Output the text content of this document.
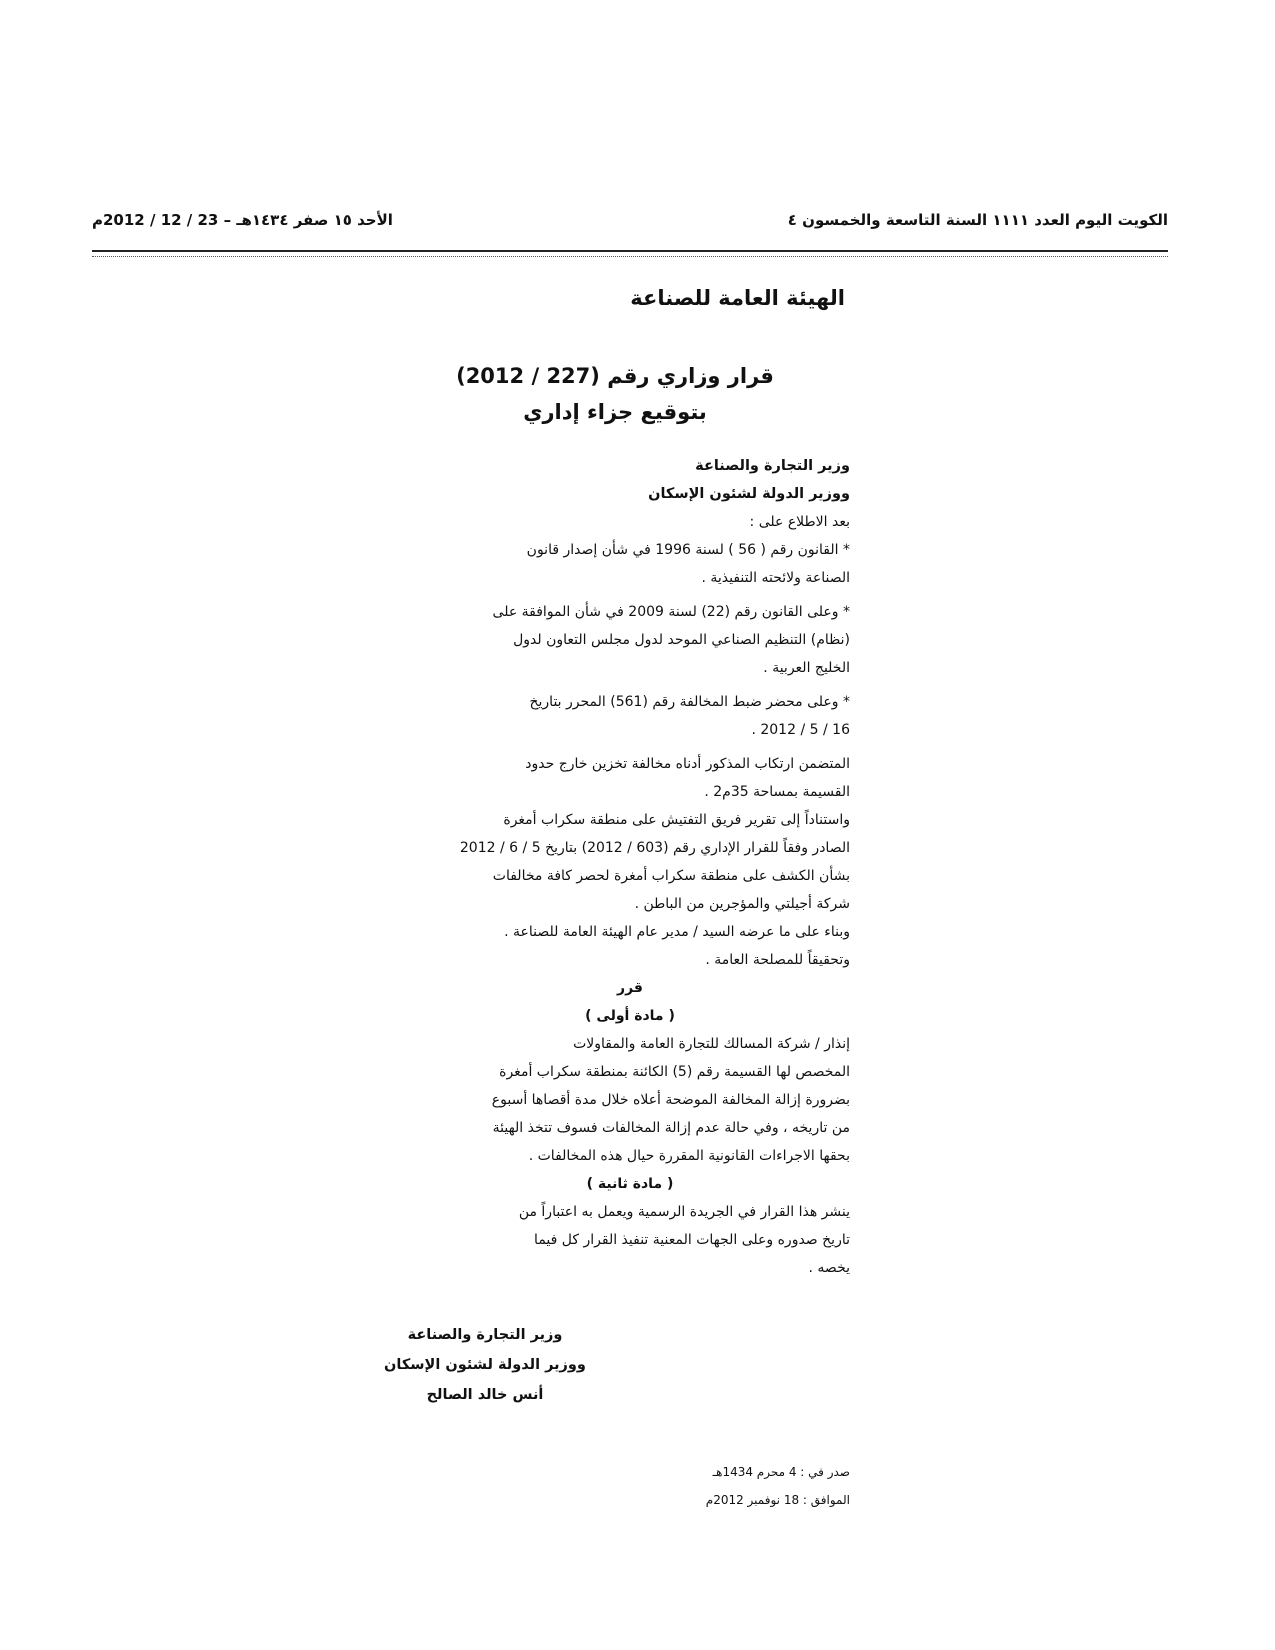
الكويت اليوم العدد ١١١١ السنة التاسعة والخمسون ٤
الأحد ١٥ صفر ١٤٣٤هـ – 23 / 12 / 2012م
الهيئة العامة للصناعة
قرار وزاري رقم (227 / 2012)
بتوقيع جزاء إداري
وزير التجارة والصناعة
ووزير الدولة لشئون الإسكان
بعد الاطلاع على :
* القانون رقم ( 56 ) لسنة 1996 في شأن إصدار قانون
الصناعة ولائحته التنفيذية .
* وعلى القانون رقم (22) لسنة 2009 في شأن الموافقة على
(نظام) التنظيم الصناعي الموحد لدول مجلس التعاون لدول
الخليج العربية .
* وعلى محضر ضبط المخالفة رقم (561) المحرر بتاريخ
16 / 5 / 2012 .
المتضمن ارتكاب المذكور أدناه مخالفة تخزين خارج حدود
القسيمة بمساحة 35م2 .
واستناداً إلى تقرير فريق التفتيش على منطقة سكراب أمغرة
الصادر وفقاً للقرار الإداري رقم (603 / 2012) بتاريخ 5 / 6 / 2012
بشأن الكشف على منطقة سكراب أمغرة لحصر كافة مخالفات
شركة أجيلتي والمؤجرين من الباطن .
وبناء على ما عرضه السيد / مدير عام الهيئة العامة للصناعة .
وتحقيقاً للمصلحة العامة .
قرر
( مادة أولى )
إنذار / شركة المسالك للتجارة العامة والمقاولات
المخصص لها القسيمة رقم (5) الكائنة بمنطقة سكراب أمغرة
بضرورة إزالة المخالفة الموضحة أعلاه خلال مدة أقصاها أسبوع
من تاريخه ، وفي حالة عدم إزالة المخالفات فسوف تتخذ الهيئة
بحقها الاجراءات القانونية المقررة حيال هذه المخالفات .
( مادة ثانية )
ينشر هذا القرار في الجريدة الرسمية ويعمل به اعتباراً من
تاريخ صدوره وعلى الجهات المعنية تنفيذ القرار كل فيما
يخصه .
وزير التجارة والصناعة
ووزير الدولة لشئون الإسكان
أنس خالد الصالح
صدر في : 4 محرم 1434هـ
الموافق : 18 نوفمبر 2012م
